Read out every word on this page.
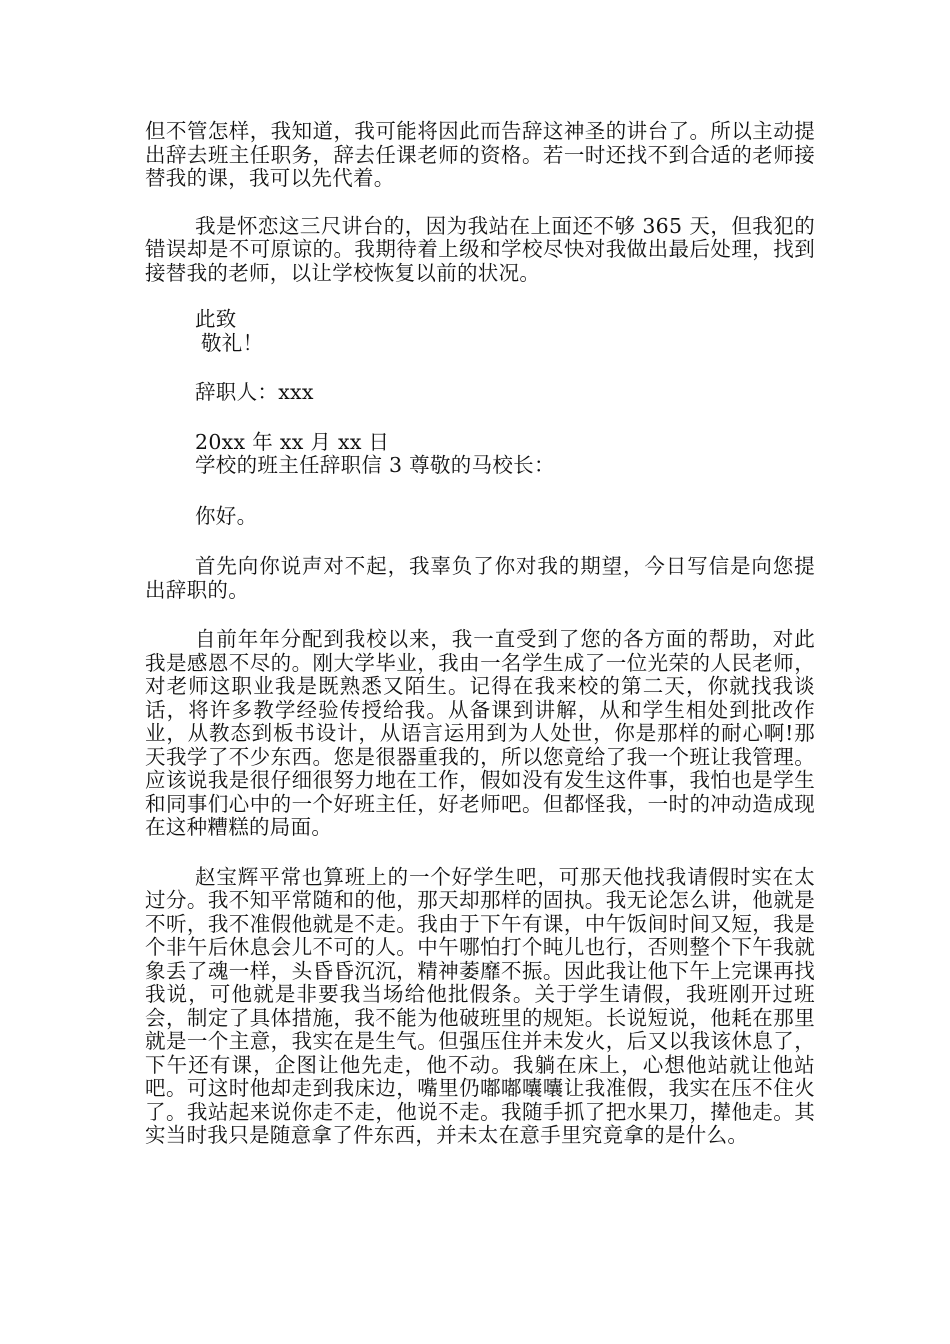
但不管怎样，我知道，我可能将因此而告辞这神圣的讲台了。所以主动提出辞去班主任职务，辞去任课老师的资格。若一时还找不到合适的老师接替我的课，我可以先代着。

我是怀恋这三尺讲台的，因为我站在上面还不够 365 天，但我犯的错误却是不可原谅的。我期待着上级和学校尽快对我做出最后处理，找到接替我的老师，以让学校恢复以前的状况。

此致

敬礼！

辞职人：xxx

20xx 年 xx 月 xx 日

学校的班主任辞职信 3 尊敬的马校长：

你好。

首先向你说声对不起，我辜负了你对我的期望，今日写信是向您提出辞职的。

自前年年分配到我校以来，我一直受到了您的各方面的帮助，对此我是感恩不尽的。刚大学毕业，我由一名学生成了一位光荣的人民老师，对老师这职业我是既熟悉又陌生。记得在我来校的第二天，你就找我谈话，将许多教学经验传授给我。从备课到讲解，从和学生相处到批改作业，从教态到板书设计，从语言运用到为人处世，你是那样的耐心啊!那天我学了不少东西。您是很器重我的，所以您竟给了我一个班让我管理。应该说我是很仔细很努力地在工作，假如没有发生这件事，我怕也是学生和同事们心中的一个好班主任，好老师吧。但都怪我，一时的冲动造成现在这种糟糕的局面。

赵宝辉平常也算班上的一个好学生吧，可那天他找我请假时实在太过分。我不知平常随和的他，那天却那样的固执。我无论怎么讲，他就是不听，我不准假他就是不走。我由于下午有课，中午饭间时间又短，我是个非午后休息会儿不可的人。中午哪怕打个盹儿也行，否则整个下午我就象丢了魂一样，头昏昏沉沉，精神萎靡不振。因此我让他下午上完课再找我说，可他就是非要我当场给他批假条。关于学生请假，我班刚开过班会，制定了具体措施，我不能为他破班里的规矩。长说短说，他耗在那里就是一个主意，我实在是生气。但强压住并未发火，后又以我该休息了，下午还有课，企图让他先走，他不动。我躺在床上，心想他站就让他站吧。可这时他却走到我床边，嘴里仍嘟嘟囔囔让我准假，我实在压不住火了。我站起来说你走不走，他说不走。我随手抓了把水果刀，撵他走。其实当时我只是随意拿了件东西，并未太在意手里究竟拿的是什么。
